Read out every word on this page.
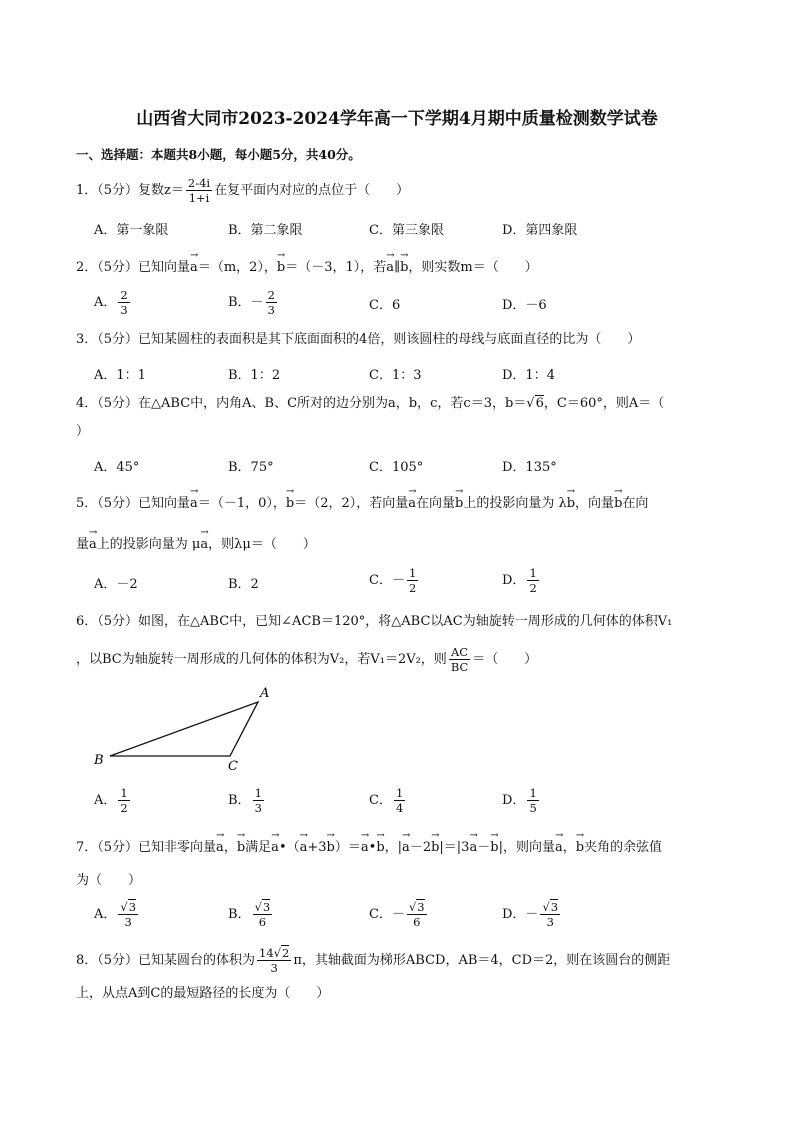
山西省大同市2023-2024学年高一下学期4月期中质量检测数学试卷
一、选择题：本题共8小题，每小题5分，共40分。
1．（5分）复数$z= \frac{2-4i}{1+i}$ 在复平面内对应的点位于（　　）
A．第一象限	B．第二象限	C．第三象限	D．第四象限
2．（5分）已知向量→ a＝（m，2），→ b＝（－3，1），若→ a∥→ b，则实数m＝（　　）
A． $\frac{2}{3}$	B．－ $\frac{2}{3}$	C．6	D．－6
3．（5分）已知某圆柱的表面积是其下底面面积的4倍，则该圆柱的母线与底面直径的比为（　　）
A．1：1	B．1：2	C．1：3	D．1：4
4．（5分）在△ABC中，内角A、B、C所对的边分别为a，b，c，若c＝3，b＝√6，C＝60°，则A＝（
）
A．45°	B．75°	C．105°	D．135°
5．（5分）已知向量→ a＝（－1，0），→ b＝（2，2），若向量→ a在向量→ b上的投影向量为 λ→ b，向量→ b在向
量→ a上的投影向量为 μ→ a，则λμ＝（　　）
A．－2	B．2	C．－ $\frac{1}{2}$	D． $\frac{1}{2}$
6．（5分）如图，在△ABC中，已知∠ACB＝120°，将△ABC以AC为轴旋转一周形成的几何体的体积V₁
，以BC为轴旋转一周形成的几何体的体积为V₂，若V₁＝2V₂，则 $\frac{AC}{BC}$ ＝（　　）
A
B	C
A． $\frac{1}{2}$	B． $\frac{1}{3}$	C． $\frac{1}{4}$	D． $\frac{1}{5}$
7．（5分）已知非零向量→ a，→ b满足→ a•（→ a+3→ b）＝→ a•→ b，|→ a－2→ b|＝|3→ a－→ b|，则向量→ a，→ b夹角的余弦值
为（　　）
A． $\frac{√3}{3}$	B． $\frac{√3}{6}$	C．－ $\frac{√3}{6}$	D．－ $\frac{√3}{3}$
8．（5分）已知某圆台的体积为 $\frac{14√2}{3}$ π，其轴截面为梯形ABCD，AB＝4，CD＝2，则在该圆台的侧距
上，从点A到C的最短路径的长度为（　　）
